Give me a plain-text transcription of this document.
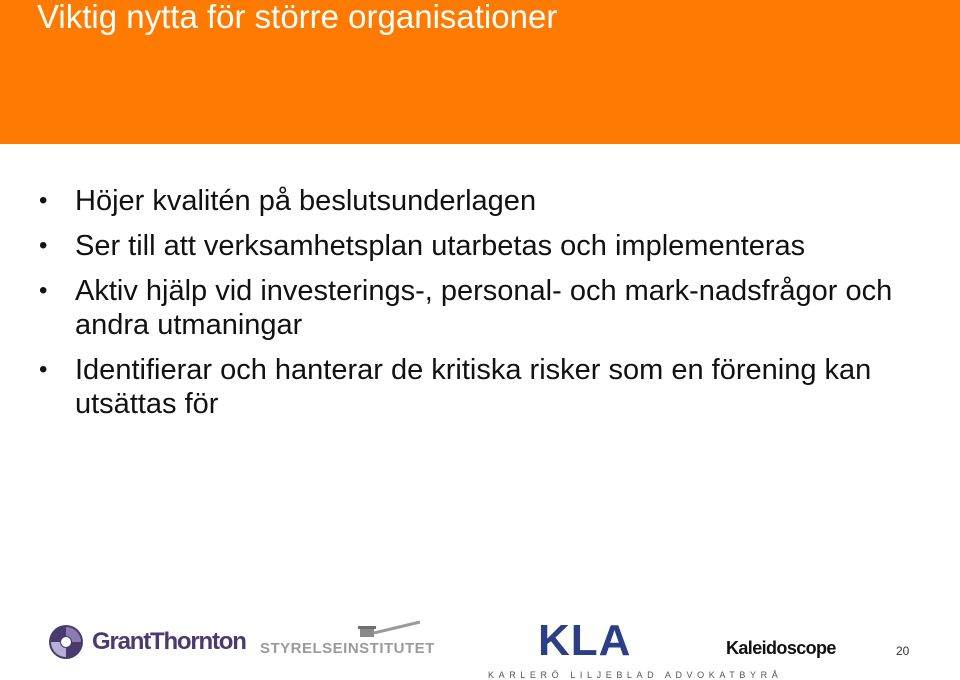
Viktig nytta för större organisationer
• Höjer kvalitén på beslutsunderlagen
• Ser till att verksamhetsplan utarbetas och implementeras
• Aktiv hjälp vid investerings-, personal- och mark-nadsfrågor och andra utmaningar
• Identifierar och hanterar de kritiska risker som en förening kan utsättas för
GrantThornton STYRELSEINSTITUTET KLA
KARLERÖ LILJEBLAD ADVOKATBYRÅ
Kaleidoscope	20
